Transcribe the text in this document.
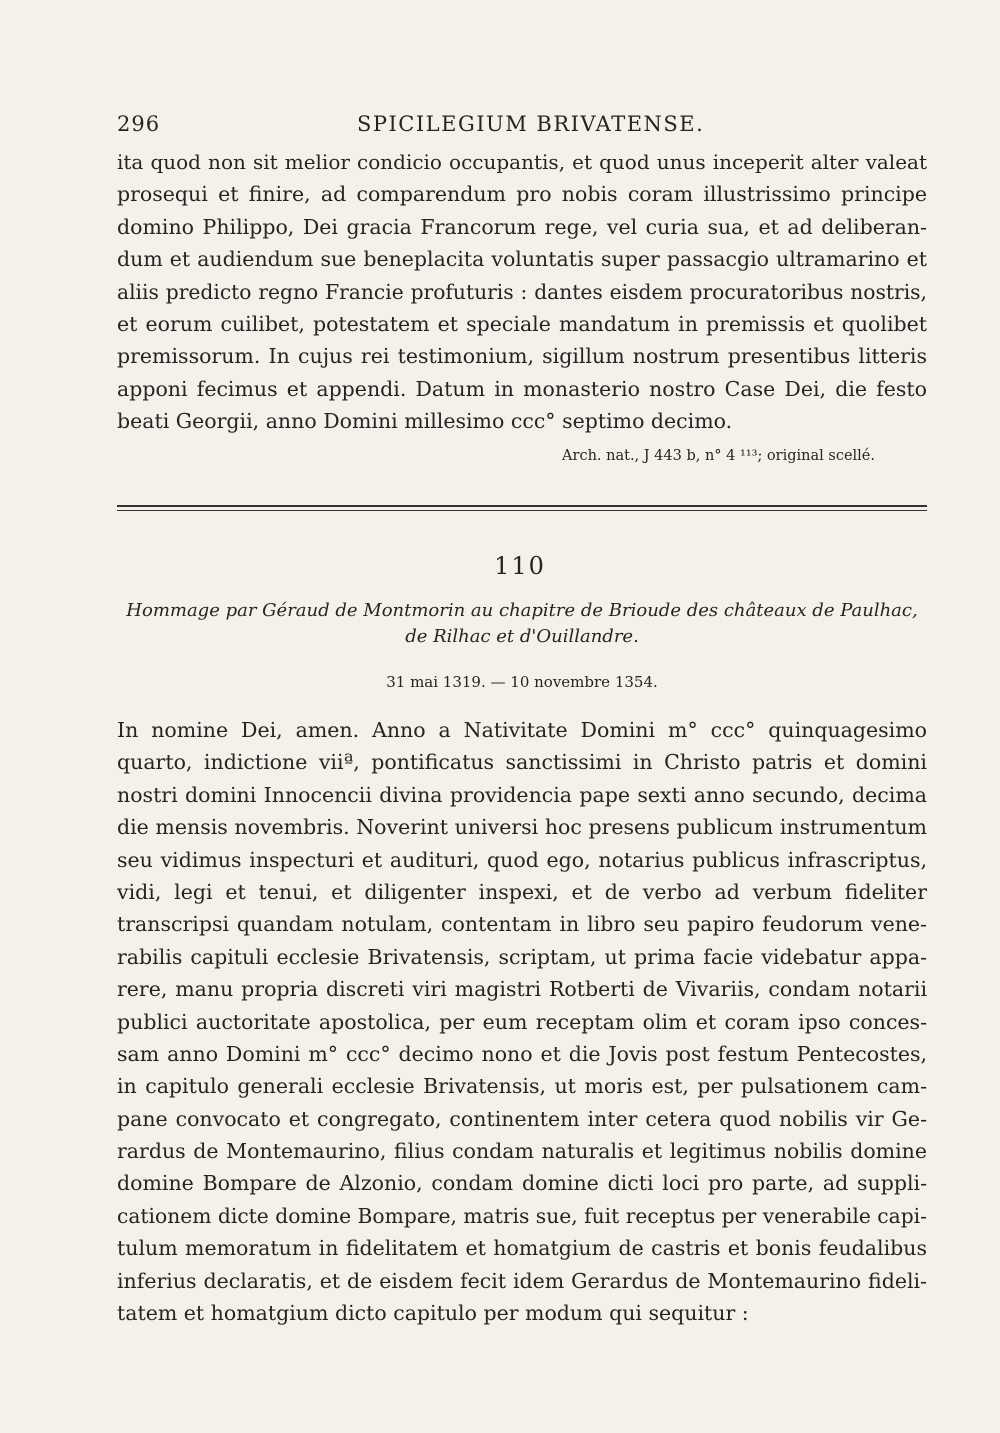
296	SPICILEGIUM BRIVATENSE.
ita quod non sit melior condicio occupantis, et quod unus inceperit alter valeat
prosequi et finire, ad comparendum pro nobis coram illustrissimo principe
domino Philippo, Dei gracia Francorum rege, vel curia sua, et ad deliberan-
dum et audiendum sue beneplacita voluntatis super passacgio ultramarino et
aliis predicto regno Francie profuturis : dantes eisdem procuratoribus nostris,
et eorum cuilibet, potestatem et speciale mandatum in premissis et quolibet
premissorum. In cujus rei testimonium, sigillum nostrum presentibus litteris
apponi fecimus et appendi. Datum in monasterio nostro Case Dei, die festo
beati Georgii, anno Domini millesimo ccc° septimo decimo.
Arch. nat., J 443 b, n° 4 ¹¹³; original scellé.
110
Hommage par Géraud de Montmorin au chapitre de Brioude des châteaux de Paulhac,
de Rilhac et d'Ouillandre.
31 mai 1319. — 10 novembre 1354.
In nomine Dei, amen. Anno a Nativitate Domini m° ccc° quinquagesimo
quarto, indictione viiª, pontificatus sanctissimi in Christo patris et domini
nostri domini Innocencii divina providencia pape sexti anno secundo, decima
die mensis novembris. Noverint universi hoc presens publicum instrumentum
seu vidimus inspecturi et audituri, quod ego, notarius publicus infrascriptus,
vidi, legi et tenui, et diligenter inspexi, et de verbo ad verbum fideliter
transcripsi quandam notulam, contentam in libro seu papiro feudorum vene-
rabilis capituli ecclesie Brivatensis, scriptam, ut prima facie videbatur appa-
rere, manu propria discreti viri magistri Rotberti de Vivariis, condam notarii
publici auctoritate apostolica, per eum receptam olim et coram ipso conces-
sam anno Domini m° ccc° decimo nono et die Jovis post festum Pentecostes,
in capitulo generali ecclesie Brivatensis, ut moris est, per pulsationem cam-
pane convocato et congregato, continentem inter cetera quod nobilis vir Ge-
rardus de Montemaurino, filius condam naturalis et legitimus nobilis domine
domine Bompare de Alzonio, condam domine dicti loci pro parte, ad suppli-
cationem dicte domine Bompare, matris sue, fuit receptus per venerabile capi-
tulum memoratum in fidelitatem et homatgium de castris et bonis feudalibus
inferius declaratis, et de eisdem fecit idem Gerardus de Montemaurino fideli-
tatem et homatgium dicto capitulo per modum qui sequitur :
